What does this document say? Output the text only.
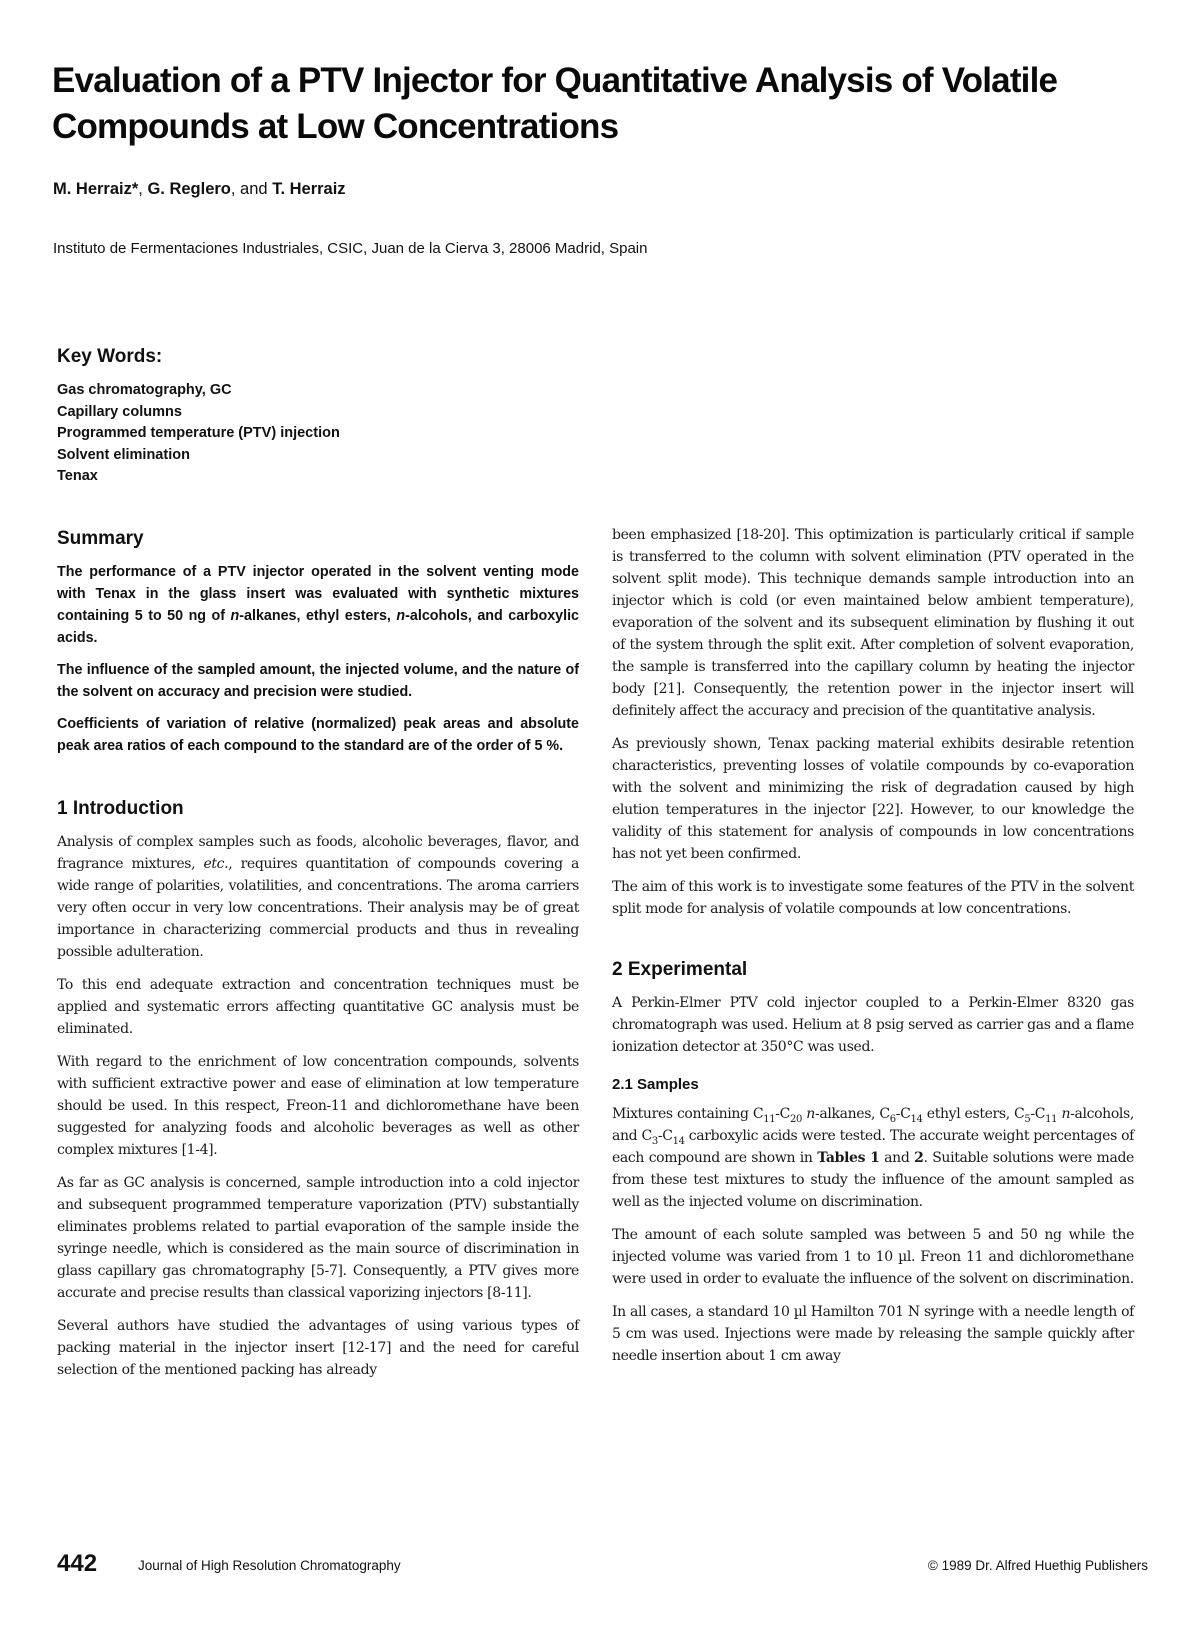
Evaluation of a PTV Injector for Quantitative Analysis of Volatile Compounds at Low Concentrations

M. Herraiz*, G. Reglero, and T. Herraiz

Instituto de Fermentaciones Industriales, CSIC, Juan de la Cierva 3, 28006 Madrid, Spain

Key Words:
Gas chromatography, GC
Capillary columns
Programmed temperature (PTV) injection
Solvent elimination
Tenax
Summary

The performance of a PTV injector operated in the solvent venting mode with Tenax in the glass insert was evaluated with synthetic mixtures containing 5 to 50 ng of n-alkanes, ethyl esters, n-alcohols, and carboxylic acids.

The influence of the sampled amount, the injected volume, and the nature of the solvent on accuracy and precision were studied.

Coefficients of variation of relative (normalized) peak areas and absolute peak area ratios of each compound to the standard are of the order of 5 %.

1 Introduction

Analysis of complex samples such as foods, alcoholic beverages, flavor, and fragrance mixtures, etc., requires quantitation of compounds covering a wide range of polarities, volatilities, and concentrations. The aroma carriers very often occur in very low concentrations. Their analysis may be of great importance in characterizing commercial products and thus in revealing possible adulteration.

To this end adequate extraction and concentration techniques must be applied and systematic errors affecting quantitative GC analysis must be eliminated.

With regard to the enrichment of low concentration compounds, solvents with sufficient extractive power and ease of elimination at low temperature should be used. In this respect, Freon-11 and dichloromethane have been suggested for analyzing foods and alcoholic beverages as well as other complex mixtures [1-4].

As far as GC analysis is concerned, sample introduction into a cold injector and subsequent programmed temperature vaporization (PTV) substantially eliminates problems related to partial evaporation of the sample inside the syringe needle, which is considered as the main source of discrimination in glass capillary gas chromatography [5-7]. Consequently, a PTV gives more accurate and precise results than classical vaporizing injectors [8-11].

Several authors have studied the advantages of using various types of packing material in the injector insert [12-17] and the need for careful selection of the mentioned packing has already

been emphasized [18-20]. This optimization is particularly critical if sample is transferred to the column with solvent elimination (PTV operated in the solvent split mode). This technique demands sample introduction into an injector which is cold (or even maintained below ambient temperature), evaporation of the solvent and its subsequent elimination by flushing it out of the system through the split exit. After completion of solvent evaporation, the sample is transferred into the capillary column by heating the injector body [21]. Consequently, the retention power in the injector insert will definitely affect the accuracy and precision of the quantitative analysis.

As previously shown, Tenax packing material exhibits desirable retention characteristics, preventing losses of volatile compounds by co-evaporation with the solvent and minimizing the risk of degradation caused by high elution temperatures in the injector [22]. However, to our knowledge the validity of this statement for analysis of compounds in low concentrations has not yet been confirmed.

The aim of this work is to investigate some features of the PTV in the solvent split mode for analysis of volatile compounds at low concentrations.

2 Experimental

A Perkin-Elmer PTV cold injector coupled to a Perkin-Elmer 8320 gas chromatograph was used. Helium at 8 psig served as carrier gas and a flame ionization detector at 350°C was used.

2.1 Samples

Mixtures containing $C_{11}-C_{20}$ n-alkanes, $C_6-C_{14}$ ethyl esters, $C_5-C_{11}$ n-alcohols, and $C_3-C_{14}$ carboxylic acids were tested. The accurate weight percentages of each compound are shown in Tables 1 and 2. Suitable solutions were made from these test mixtures to study the influence of the amount sampled as well as the injected volume on discrimination.

The amount of each solute sampled was between 5 and 50 ng while the injected volume was varied from 1 to 10 µl. Freon 11 and dichloromethane were used in order to evaluate the influence of the solvent on discrimination.

In all cases, a standard 10 µl Hamilton 701 N syringe with a needle length of 5 cm was used. Injections were made by releasing the sample quickly after needle insertion about 1 cm away

442	Journal of High Resolution Chromatography	© 1989 Dr. Alfred Huethig Publishers
